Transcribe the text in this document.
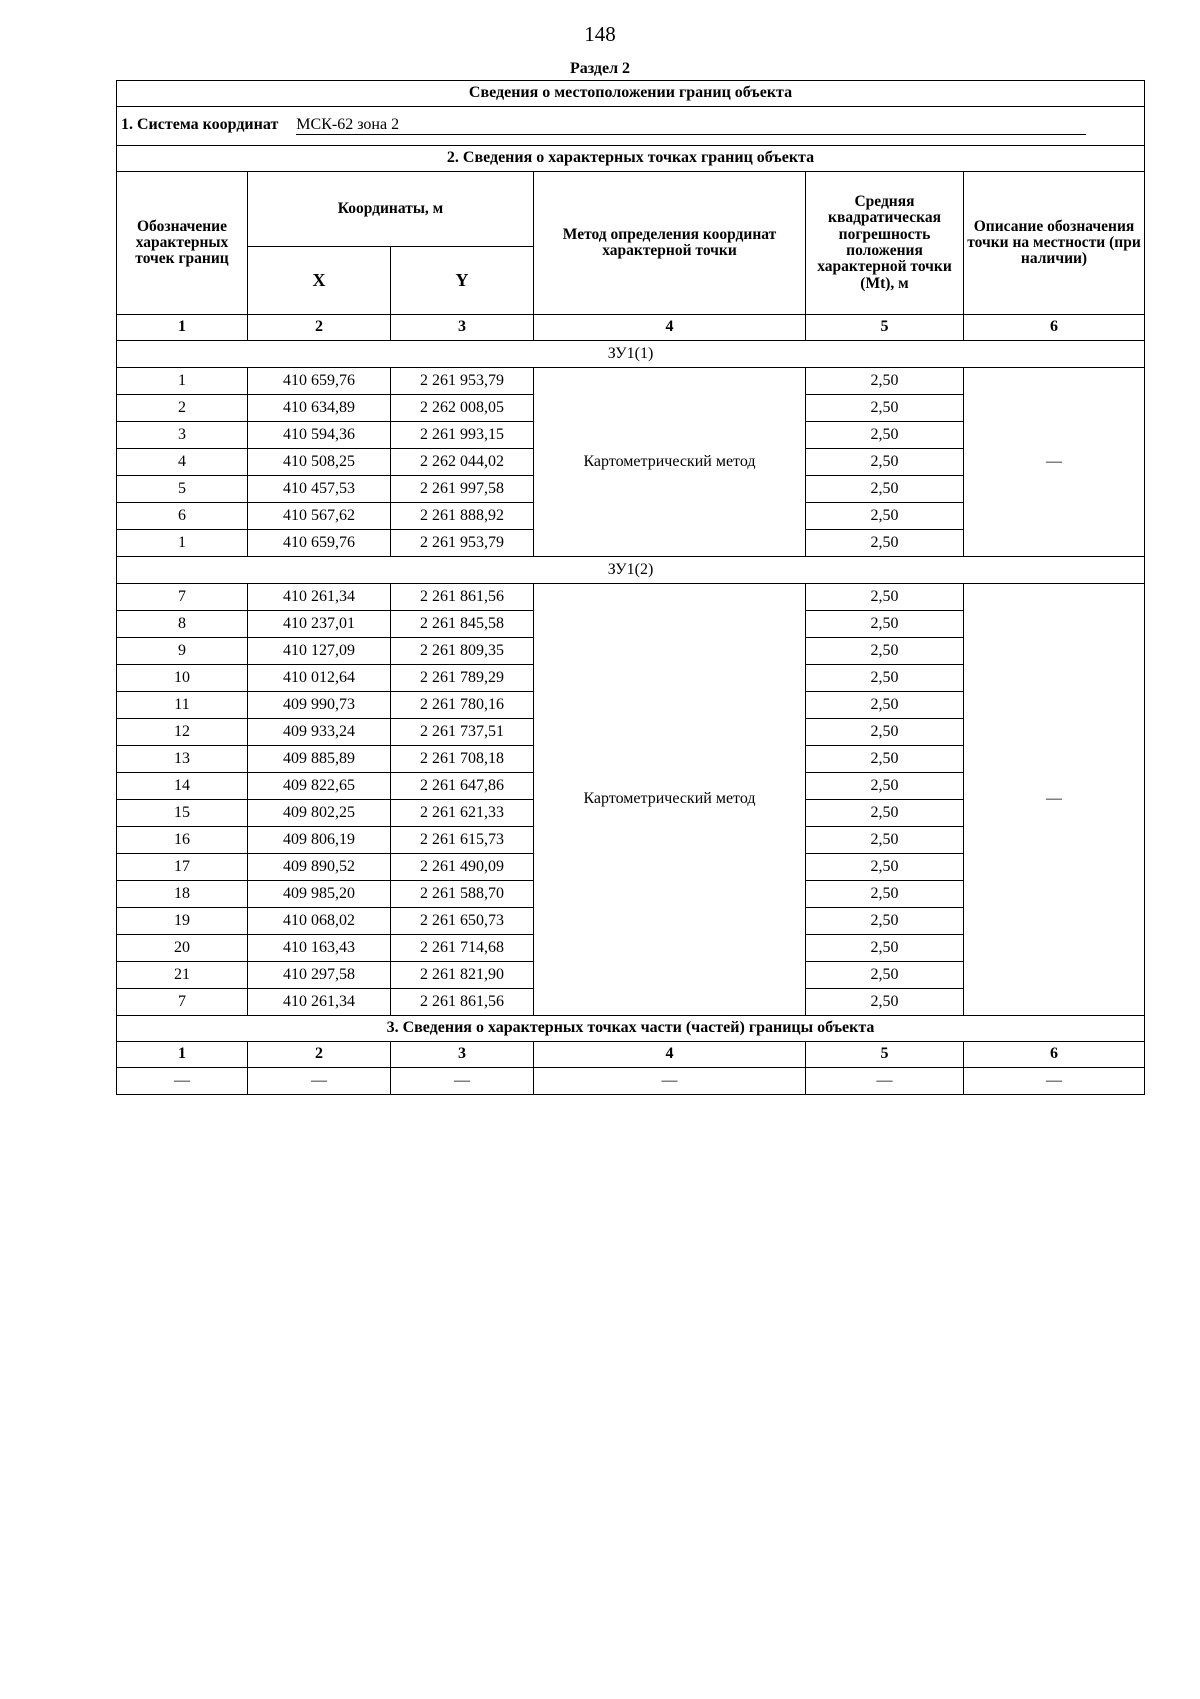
148
Раздел 2
Сведения о местоположении границ объекта					
1. Система координат МСК-62 зона 2					
2. Сведения о характерных точках границ объекта					
Обозначение характерных точек границ	Координаты, м		Метод определения координат характерной точки	Средняя квадратическая погрешность положения характерной точки (Mt), м	Описание обозначения точки на местности (при наличии)
	X	Y			
1	2	3	4	5	6
ЗУ1(1)					
1	410 659,76	2 261 953,79	Картометрический метод	2,50	—
2	410 634,89	2 262 008,05		2,50	
3	410 594,36	2 261 993,15		2,50	
4	410 508,25	2 262 044,02		2,50	
5	410 457,53	2 261 997,58		2,50	
6	410 567,62	2 261 888,92		2,50	
1	410 659,76	2 261 953,79		2,50	
ЗУ1(2)					
7	410 261,34	2 261 861,56	Картометрический метод	2,50	—
8	410 237,01	2 261 845,58		2,50	
9	410 127,09	2 261 809,35		2,50	
10	410 012,64	2 261 789,29		2,50	
11	409 990,73	2 261 780,16		2,50	
12	409 933,24	2 261 737,51		2,50	
13	409 885,89	2 261 708,18		2,50	
14	409 822,65	2 261 647,86		2,50	
15	409 802,25	2 261 621,33		2,50	
16	409 806,19	2 261 615,73		2,50	
17	409 890,52	2 261 490,09		2,50	
18	409 985,20	2 261 588,70		2,50	
19	410 068,02	2 261 650,73		2,50	
20	410 163,43	2 261 714,68		2,50	
21	410 297,58	2 261 821,90		2,50	
7	410 261,34	2 261 861,56		2,50	
3. Сведения о характерных точках части (частей) границы объекта					
1	2	3	4	5	6
—	—	—	—	—	—
